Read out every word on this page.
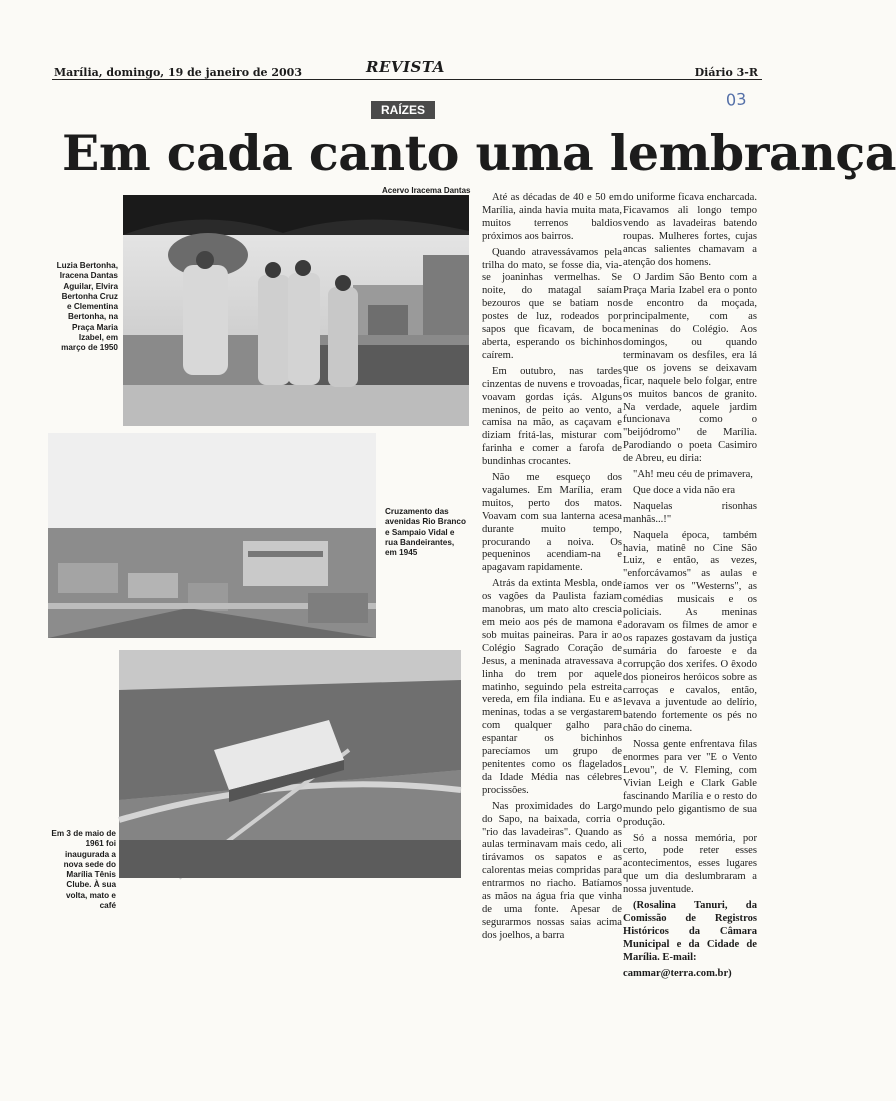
Marília, domingo, 19 de janeiro de 2003	REVISTA	Diário 3-R
03
RAÍZES
Em cada canto uma lembrança
Acervo Iracema Dantas
Luzia Bertonha, Iracena Dantas Aguilar, Elvira Bertonha Cruz e Clementina Bertonha, na Praça Maria Izabel, em março de 1950
Cruzamento das avenidas Rio Branco e Sampaio Vidal e rua Bandeirantes, em 1945
Em 3 de maio de 1961 foi inaugurada a nova sede do Marília Tênis Clube. À sua volta, mato e café

Até as décadas de 40 e 50 em Marília, ainda havia muita mata, muitos terrenos baldios próximos aos bairros.

Quando atravessávamos pela trilha do mato, se fosse dia, via-se joaninhas vermelhas. Se noite, do matagal saíam bezouros que se batiam nos postes de luz, rodeados por sapos que ficavam, de boca aberta, esperando os bichinhos caírem.

Em outubro, nas tardes cinzentas de nuvens e trovoadas, voavam gordas içás. Alguns meninos, de peito ao vento, a camisa na mão, as caçavam e diziam fritá-las, misturar com farinha e comer a farofa de bundinhas crocantes.

Não me esqueço dos vagalumes. Em Marília, eram muitos, perto dos matos. Voavam com sua lanterna acesa durante muito tempo, procurando a noiva. Os pequeninos acendiam-na e apagavam rapidamente.

Atrás da extinta Mesbla, onde os vagões da Paulista faziam manobras, um mato alto crescia em meio aos pés de mamona e sob muitas paineiras. Para ir ao Colégio Sagrado Coração de Jesus, a meninada atravessava a linha do trem por aquele matinho, seguindo pela estreita vereda, em fila indiana. Eu e as meninas, todas a se vergastarem com qualquer galho para espantar os bichinhos parecíamos um grupo de penitentes como os flagelados da Idade Média nas célebres procissões.

Nas proximidades do Largo do Sapo, na baixada, corria o "rio das lavadeiras". Quando as aulas terminavam mais cedo, ali tirávamos os sapatos e as calorentas meias compridas para entrarmos no riacho. Batíamos as mãos na água fria que vinha de uma fonte. Apesar de segurarmos nossas saias acima dos joelhos, a barra

do uniforme ficava encharcada. Ficavamos ali longo tempo vendo as lavadeiras batendo roupas. Mulheres fortes, cujas ancas salientes chamavam a atenção dos homens.

O Jardim São Bento com a Praça Maria Izabel era o ponto de encontro da moçada, principalmente, com as meninas do Colégio. Aos domingos, ou quando terminavam os desfiles, era lá que os jovens se deixavam ficar, naquele belo folgar, entre os muitos bancos de granito. Na verdade, aquele jardim funcionava como o "beijódromo" de Marília. Parodiando o poeta Casimiro de Abreu, eu diria:

"Ah! meu céu de primavera,
Que doce a vida não era
Naquelas risonhas manhãs...!"

Naquela época, também havia, matinê no Cine São Luiz, e então, as vezes, "enforcávamos" as aulas e íamos ver os "Westerns", as comédias musicais e os policiais. As meninas adoravam os filmes de amor e os rapazes gostavam da justiça sumária do faroeste e da corrupção dos xerifes. O êxodo dos pioneiros heróicos sobre as carroças e cavalos, então, levava a juventude ao delírio, batendo fortemente os pés no chão do cinema.

Nossa gente enfrentava filas enormes para ver "E o Vento Levou", de V. Fleming, com Vivian Leigh e Clark Gable fascinando Marília e o resto do mundo pelo gigantismo de sua produção.

Só a nossa memória, por certo, pode reter esses acontecimentos, esses lugares que um dia deslumbraram a nossa juventude.

(Rosalina Tanuri, da Comissão de Registros Históricos da Câmara Municipal e da Cidade de Marília. E-mail:

cammar@terra.com.br)
